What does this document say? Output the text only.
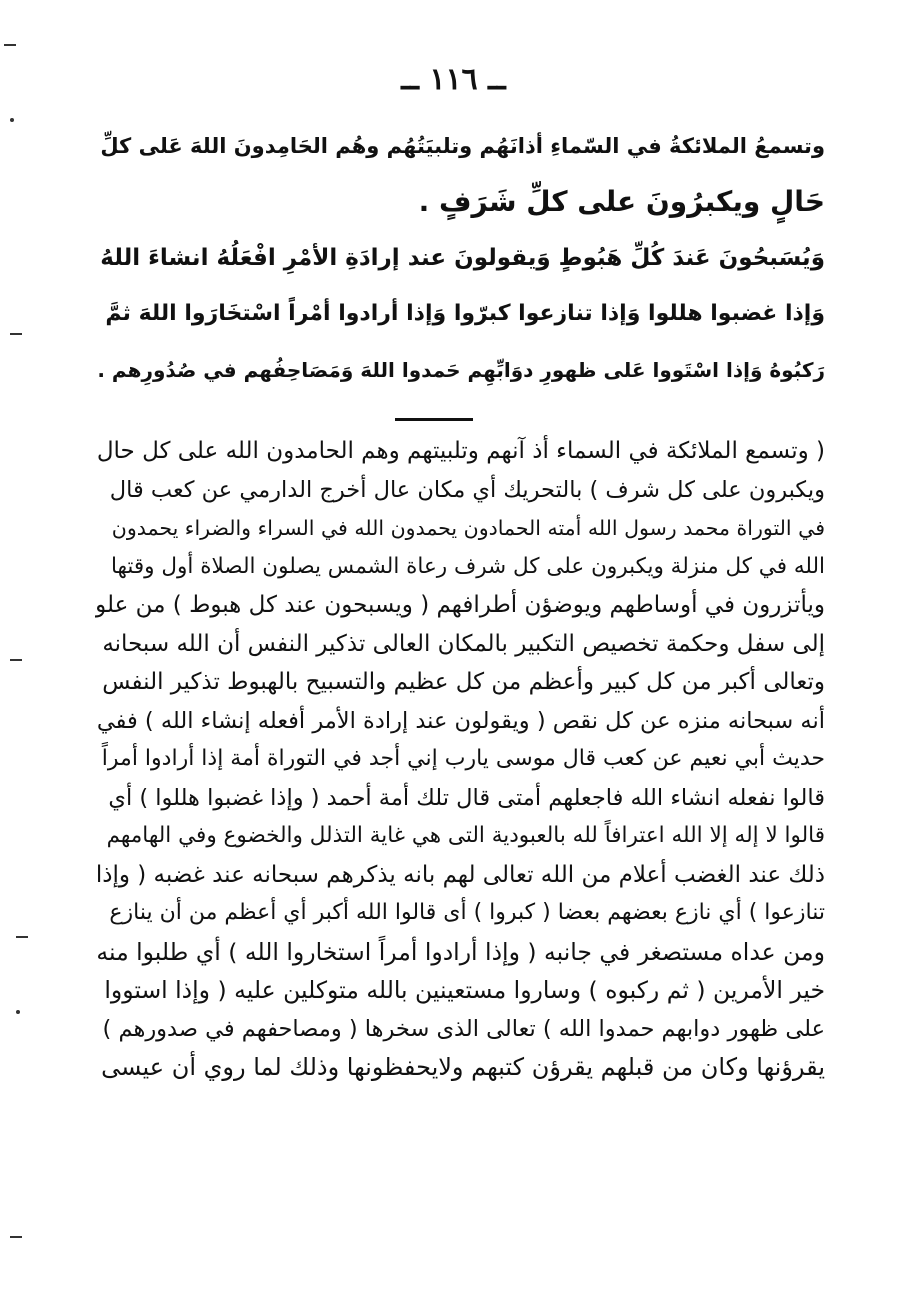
ــ ١١٦ ــ
وتسمعُ الملائكةُ في السّماءِ أذانَهُم وتلبيَتُهُم وهُم الحَامِدونَ اللهَ عَلى كلِّ
حَالٍ ويكبرُونَ على كلِّ شَرَفٍ .
وَيُسَبحُونَ عَندَ كُلِّ هَبُوطٍ وَيقولونَ عند إرادَةِ الأمْرِ افْعَلُهُ انشاءَ اللهُ
وَإذا غضبوا هللوا وَإذا تنازعوا كبرّوا وَإذا أرادوا أمْراً اسْتخَارَوا اللهَ ثمَّ
رَكبُوهُ وَإذا اسْتَووا عَلى ظهورِ دوَابِّهِم حَمدوا اللهَ وَمَصَاحِفُهم في صُدُورِهم .
( وتسمع الملائكة في السماء أذ آنهم وتلبيتهم وهم الحامدون الله على كل حال
ويكبرون على كل شرف ) بالتحريك أي مكان عال أخرج الدارمي عن كعب قال
في التوراة محمد رسول الله أمته الحمادون يحمدون الله في السراء والضراء يحمدون
الله في كل منزلة ويكبرون على كل شرف رعاة الشمس يصلون الصلاة أول وقتها
ويأتزرون في أوساطهم ويوضؤن أطرافهم ( ويسبحون عند كل هبوط ) من علو
إلى سفل وحكمة تخصيص التكبير بالمكان العالى تذكير النفس أن الله سبحانه
وتعالى أكبر من كل كبير وأعظم من كل عظيم والتسبيح بالهبوط تذكير النفس
أنه سبحانه منزه عن كل نقص ( ويقولون عند إرادة الأمر أفعله إنشاء الله ) ففي
حديث أبي نعيم عن كعب قال موسى يارب إني أجد في التوراة أمة إذا أرادوا أمراً
قالوا نفعله انشاء الله فاجعلهم أمتى قال تلك أمة أحمد ( وإذا غضبوا هللوا ) أي
قالوا لا إله إلا الله اعترافاً لله بالعبودية التى هي غاية التذلل والخضوع وفي الهامهم
ذلك عند الغضب أعلام من الله تعالى لهم بانه يذكرهم سبحانه عند غضبه ( وإذا
تنازعوا ) أي نازع بعضهم بعضا ( كبروا ) أى قالوا الله أكبر أي أعظم من أن ينازع
ومن عداه مستصغر في جانبه ( وإذا أرادوا أمراً استخاروا الله ) أي طلبوا منه
خير الأمرين ( ثم ركبوه ) وساروا مستعينين بالله متوكلين عليه ( وإذا استووا
على ظهور دوابهم حمدوا الله ) تعالى الذى سخرها ( ومصاحفهم في صدورهم )
يقرؤنها وكان من قبلهم يقرؤن كتبهم ولايحفظونها وذلك لما روي أن عيسى
